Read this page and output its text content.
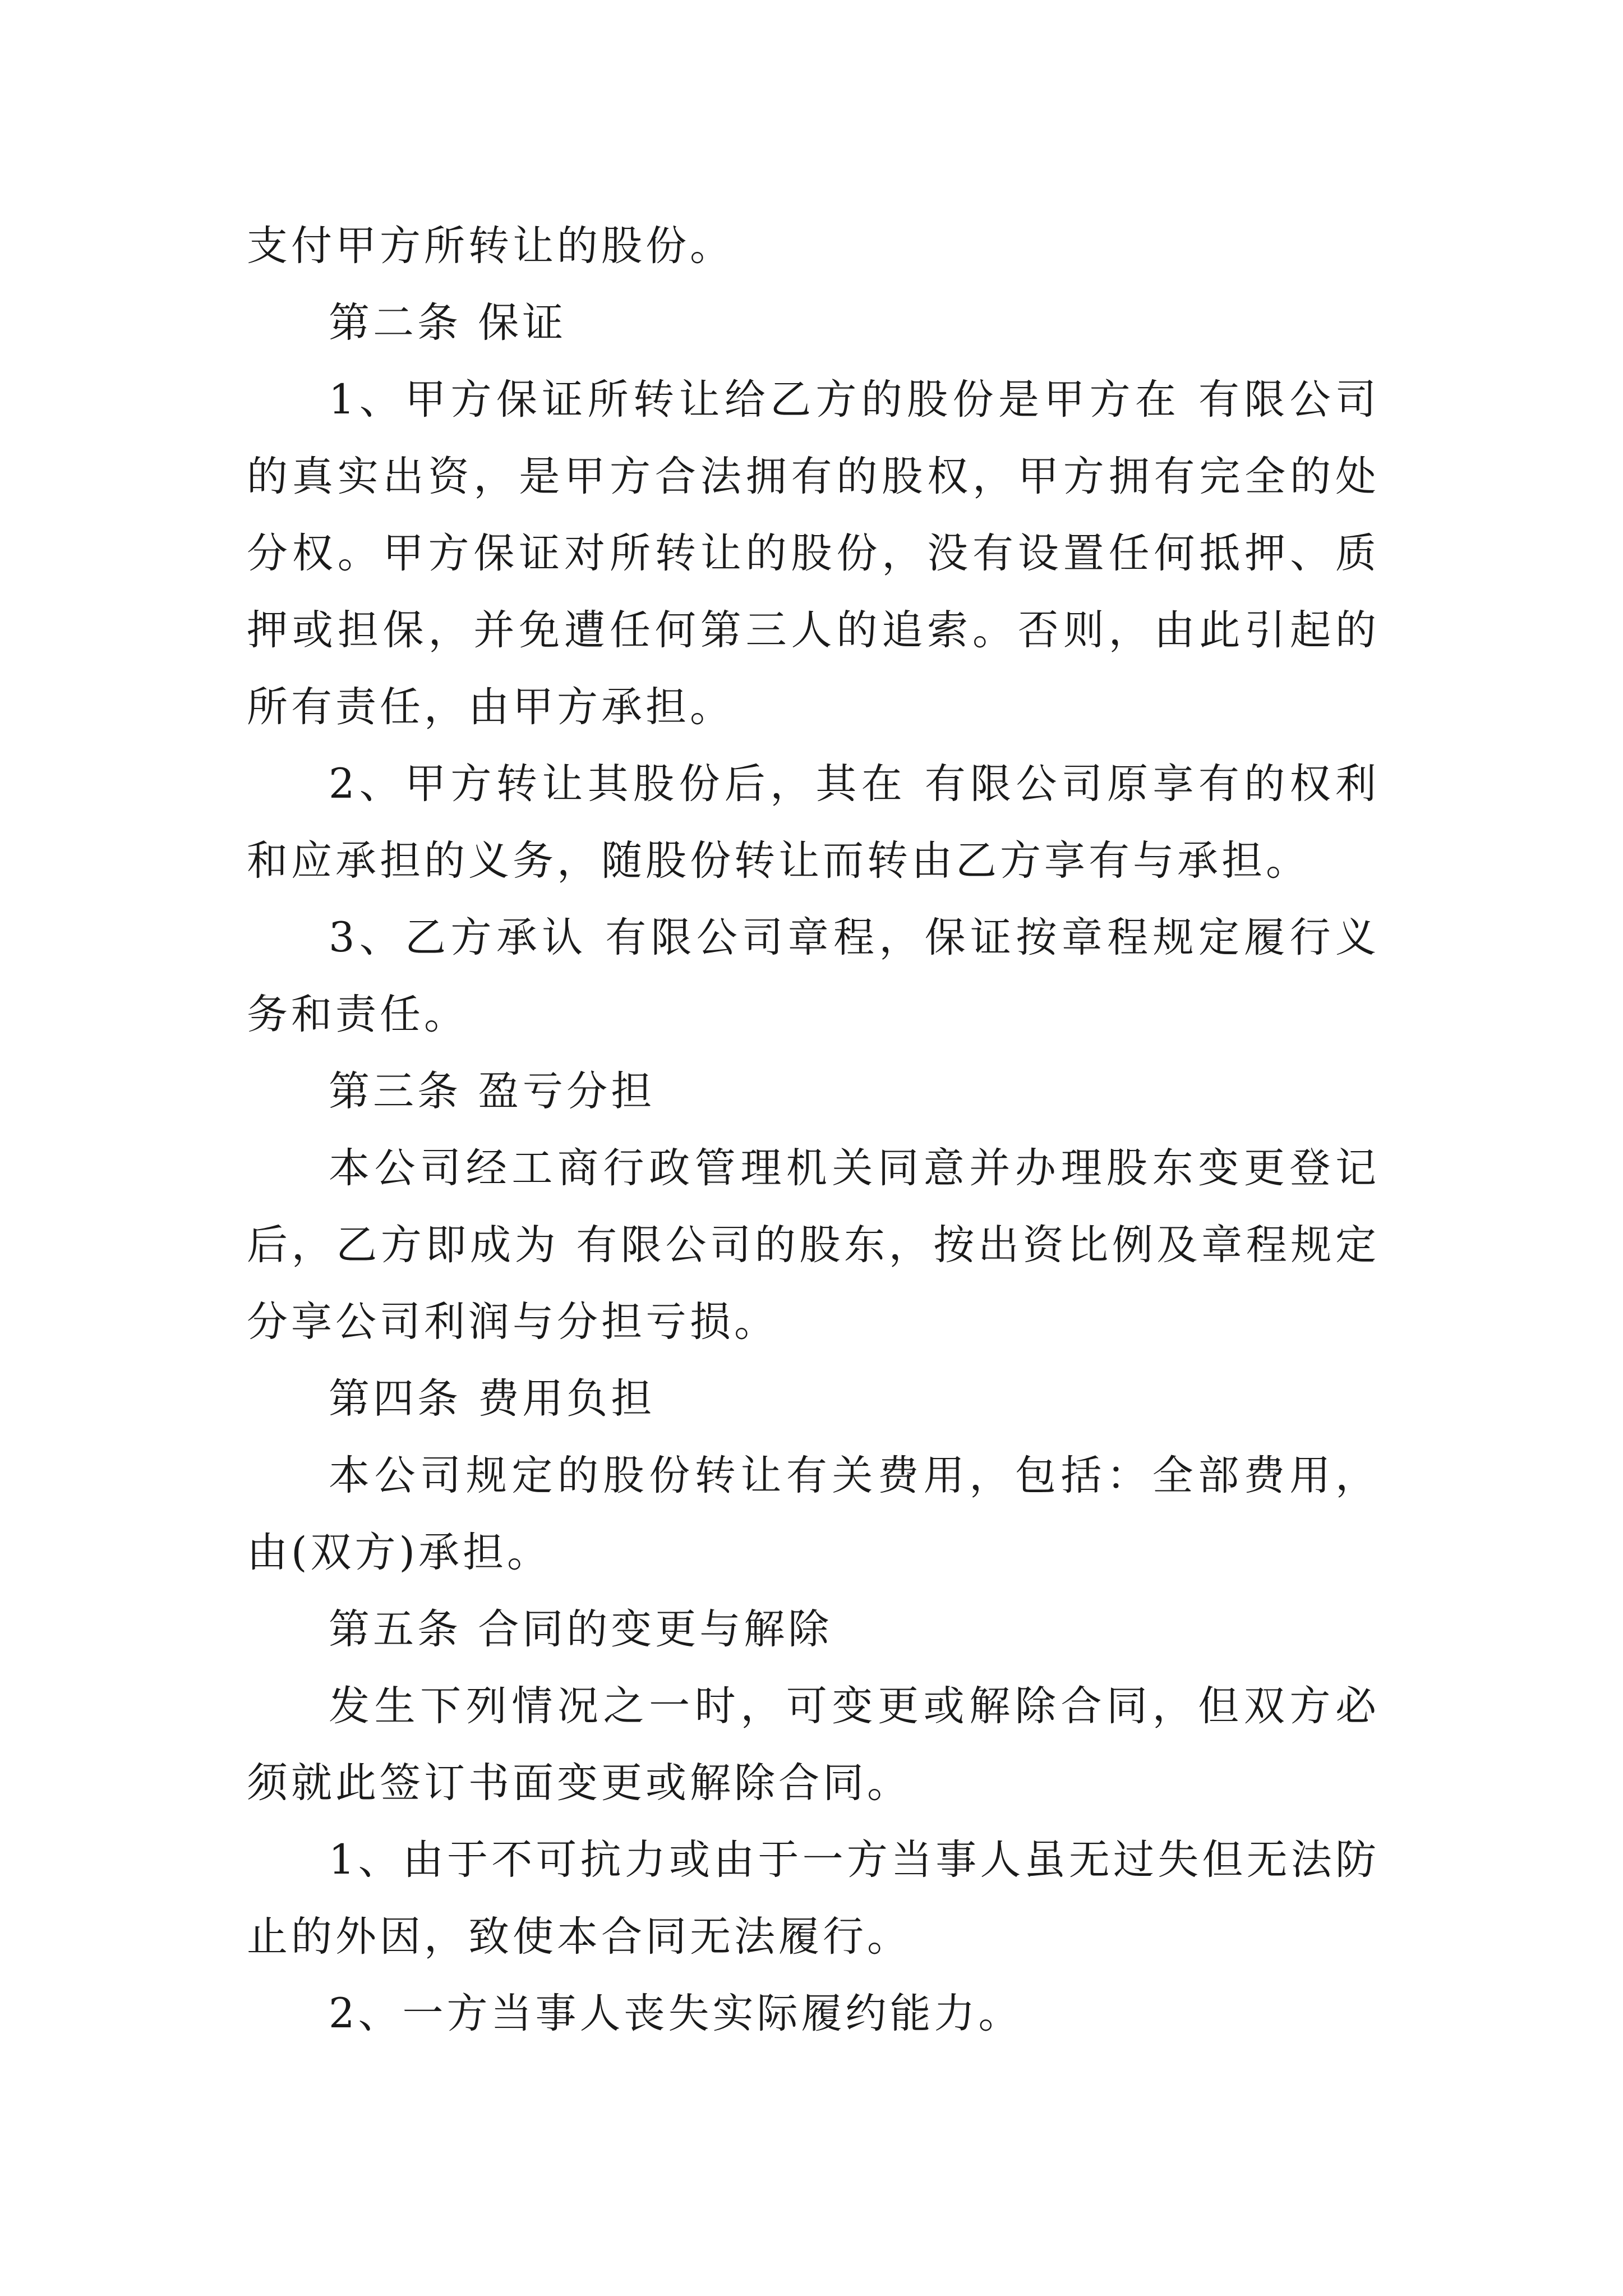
支付甲方所转让的股份。

第二条 保证

1、甲方保证所转让给乙方的股份是甲方在 有限公司的真实出资，是甲方合法拥有的股权，甲方拥有完全的处分权。甲方保证对所转让的股份，没有设置任何抵押、质押或担保，并免遭任何第三人的追索。否则，由此引起的所有责任，由甲方承担。

2、甲方转让其股份后，其在 有限公司原享有的权利和应承担的义务，随股份转让而转由乙方享有与承担。

3、乙方承认 有限公司章程，保证按章程规定履行义务和责任。

第三条 盈亏分担

本公司经工商行政管理机关同意并办理股东变更登记后，乙方即成为 有限公司的股东，按出资比例及章程规定分享公司利润与分担亏损。

第四条 费用负担

本公司规定的股份转让有关费用，包括：全部费用，由(双方)承担。

第五条 合同的变更与解除

发生下列情况之一时，可变更或解除合同，但双方必须就此签订书面变更或解除合同。

1、由于不可抗力或由于一方当事人虽无过失但无法防止的外因，致使本合同无法履行。

2、一方当事人丧失实际履约能力。
